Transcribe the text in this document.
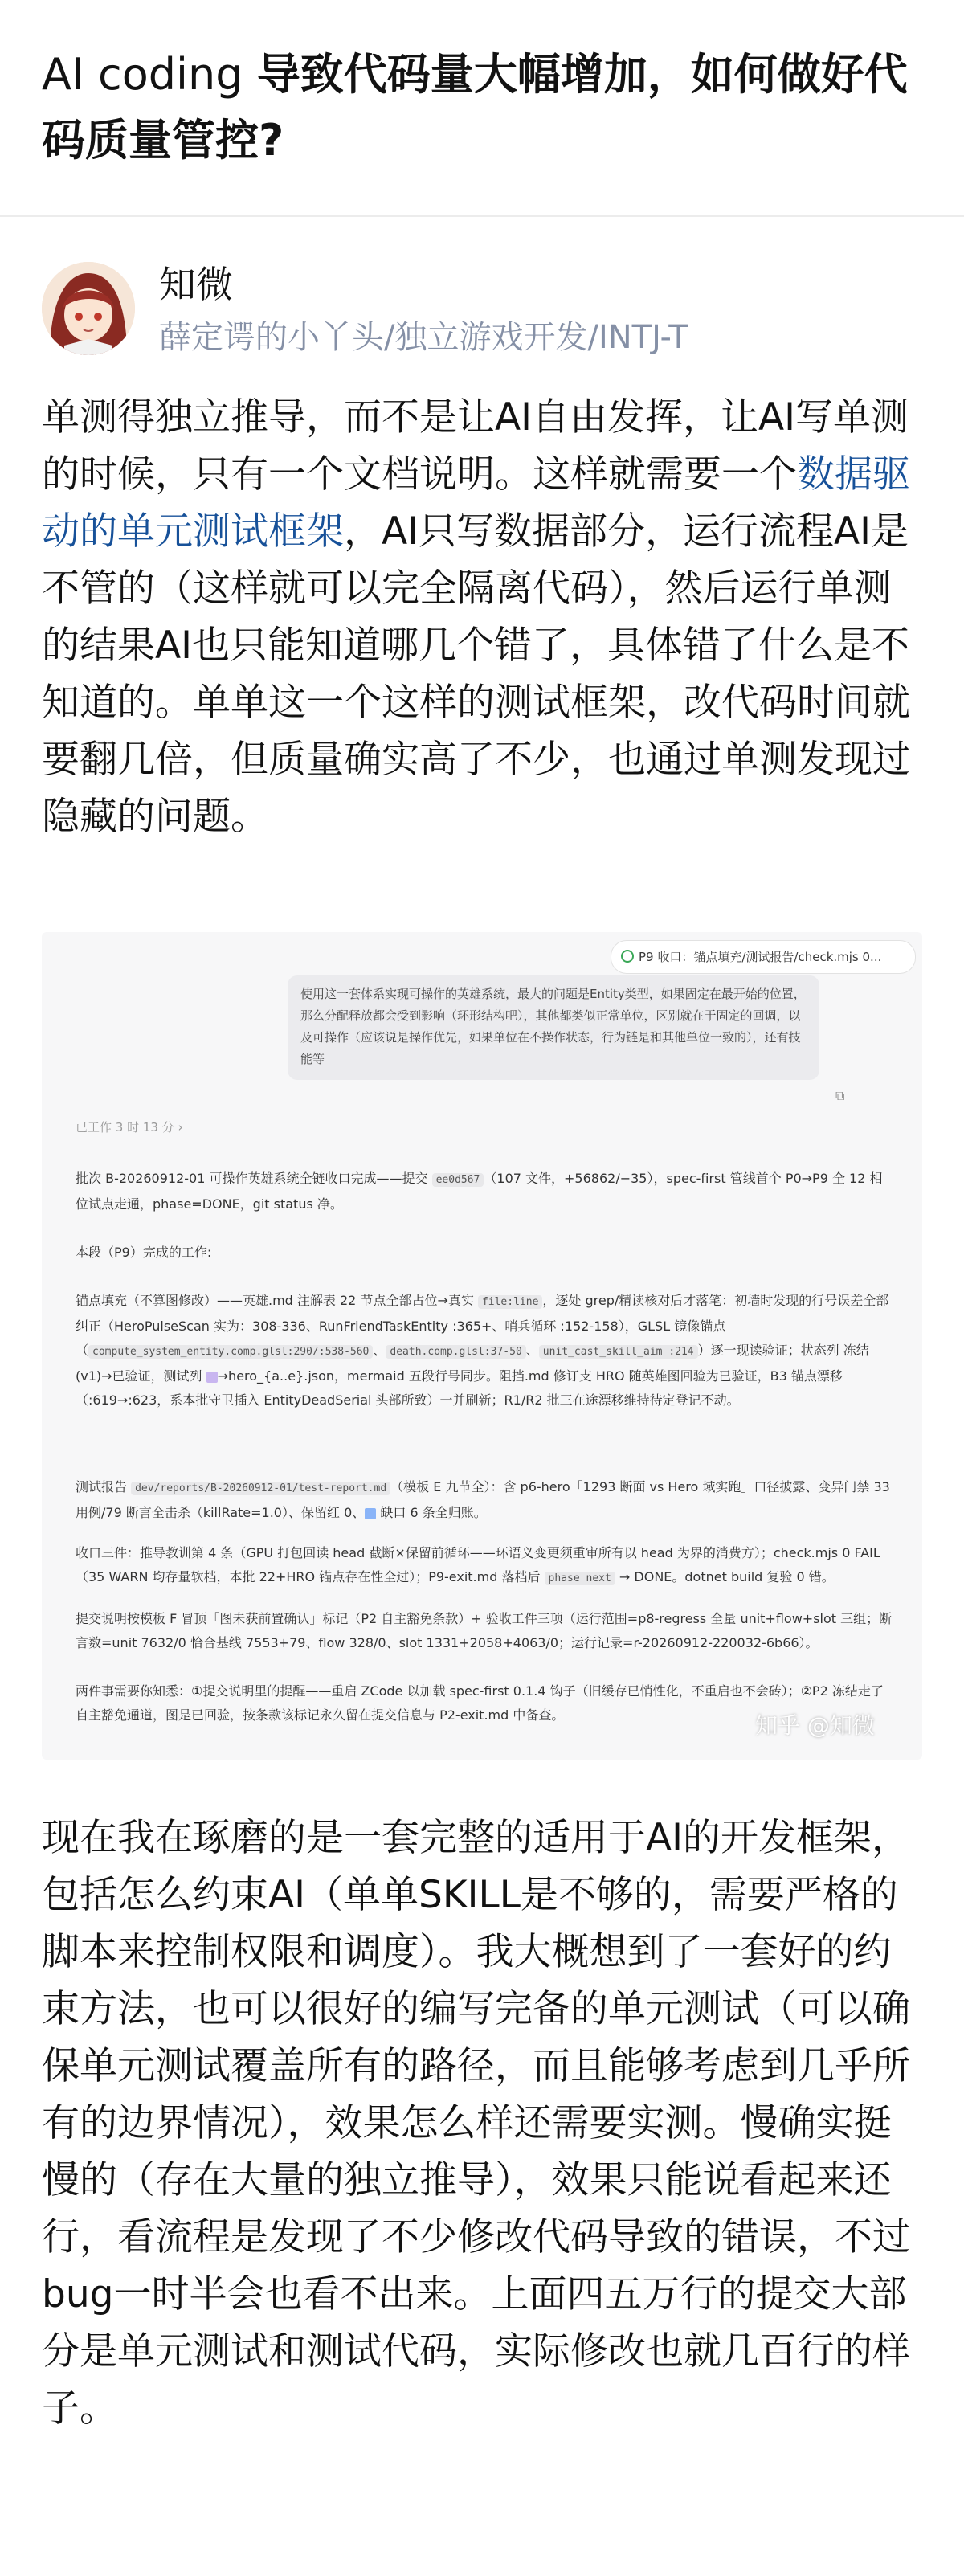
AI coding 导致代码量大幅增加，如何做好代码质量管控?
知微
薛定谔的小丫头/独立游戏开发/INTJ-T

单测得独立推导，而不是让AI自由发挥，让AI写单测的时候，只有一个文档说明。这样就需要一个数据驱动的单元测试框架，AI只写数据部分，运行流程AI是不管的（这样就可以完全隔离代码），然后运行单测的结果AI也只能知道哪几个错了，具体错了什么是不知道的。单单这一个这样的测试框架，改代码时间就要翻几倍，但质量确实高了不少，也通过单测发现过隐藏的问题。

P9 收口：锚点填充/测试报告/check.mjs 0...
使用这一套体系实现可操作的英雄系统，最大的问题是Entity类型，如果固定在最开始的位置，那么分配释放都会受到影响（环形结构吧），其他都类似正常单位，区别就在于固定的回调，以及可操作（应该说是操作优先，如果单位在不操作状态，行为链是和其他单位一致的），还有技能等
⧉
已工作 3 时 13 分 ›

批次 B-20260912-01 可操作英雄系统全链收口完成——提交 ee0d567 （107 文件，+56862/−35），spec-first 管线首个 P0→P9 全 12 相位试点走通，phase=DONE，git status 净。

本段（P9）完成的工作:

锚点填充（不算图修改）——英雄.md 注解表 22 节点全部占位→真实 file:line ，逐处 grep/精读核对后才落笔：初墙时发现的行号误差全部纠正（HeroPulseScan 实为：308-336、RunFriendTaskEntity :365+、哨兵循环 :152-158），GLSL 镜像锚点（ compute_system_entity.comp.glsl:290/:538-560 、 death.comp.glsl:37-50 、 unit_cast_skill_aim :214 ）逐一现读验证；状态列 冻结(v1)→已验证，测试列 →hero_{a..e}.json，mermaid 五段行号同步。阻挡.md 修订支 HRO 随英雄图回验为已验证，B3 锚点漂移（:619→:623，系本批守卫插入 EntityDeadSerial 头部所致）一并刷新；R1/R2 批三在途漂移维持待定登记不动。

测试报告 dev/reports/B-20260912-01/test-report.md （模板 E 九节全）：含 p6-hero「1293 断面 vs Hero 域实跑」口径披露、变异门禁 33 用例/79 断言全击杀（killRate=1.0）、保留红 0、 缺口 6 条全归账。

收口三件：推导教训第 4 条（GPU 打包回读 head 截断×保留前循环——环语义变更须重审所有以 head 为界的消费方）；check.mjs 0 FAIL（35 WARN 均存量软档，本批 22+HRO 锚点存在性全过）；P9-exit.md 落档后 phase next → DONE。dotnet build 复验 0 错。

提交说明按模板 F 冒顶「图未获前置确认」标记（P2 自主豁免条款）+ 验收工件三项（运行范围=p8-regress 全量 unit+flow+slot 三组；断言数=unit 7632/0 恰合基线 7553+79、flow 328/0、slot 1331+2058+4063/0；运行记录=r-20260912-220032-6b66）。

两件事需要你知悉：①提交说明里的提醒——重启 ZCode 以加载 spec-first 0.1.4 钩子（旧缓存已悄性化，不重启也不会砖）；②P2 冻结走了自主豁免通道，图是已回验，按条款该标记永久留在提交信息与 P2-exit.md 中备查。	知乎 @知微

现在我在琢磨的是一套完整的适用于AI的开发框架，包括怎么约束AI（单单SKILL是不够的，需要严格的脚本来控制权限和调度）。我大概想到了一套好的约束方法，也可以很好的编写完备的单元测试（可以确保单元测试覆盖所有的路径，而且能够考虑到几乎所有的边界情况），效果怎么样还需要实测。慢确实挺慢的（存在大量的独立推导），效果只能说看起来还行，看流程是发现了不少修改代码导致的错误，不过bug一时半会也看不出来。上面四五万行的提交大部分是单元测试和测试代码，实际修改也就几百行的样子。
